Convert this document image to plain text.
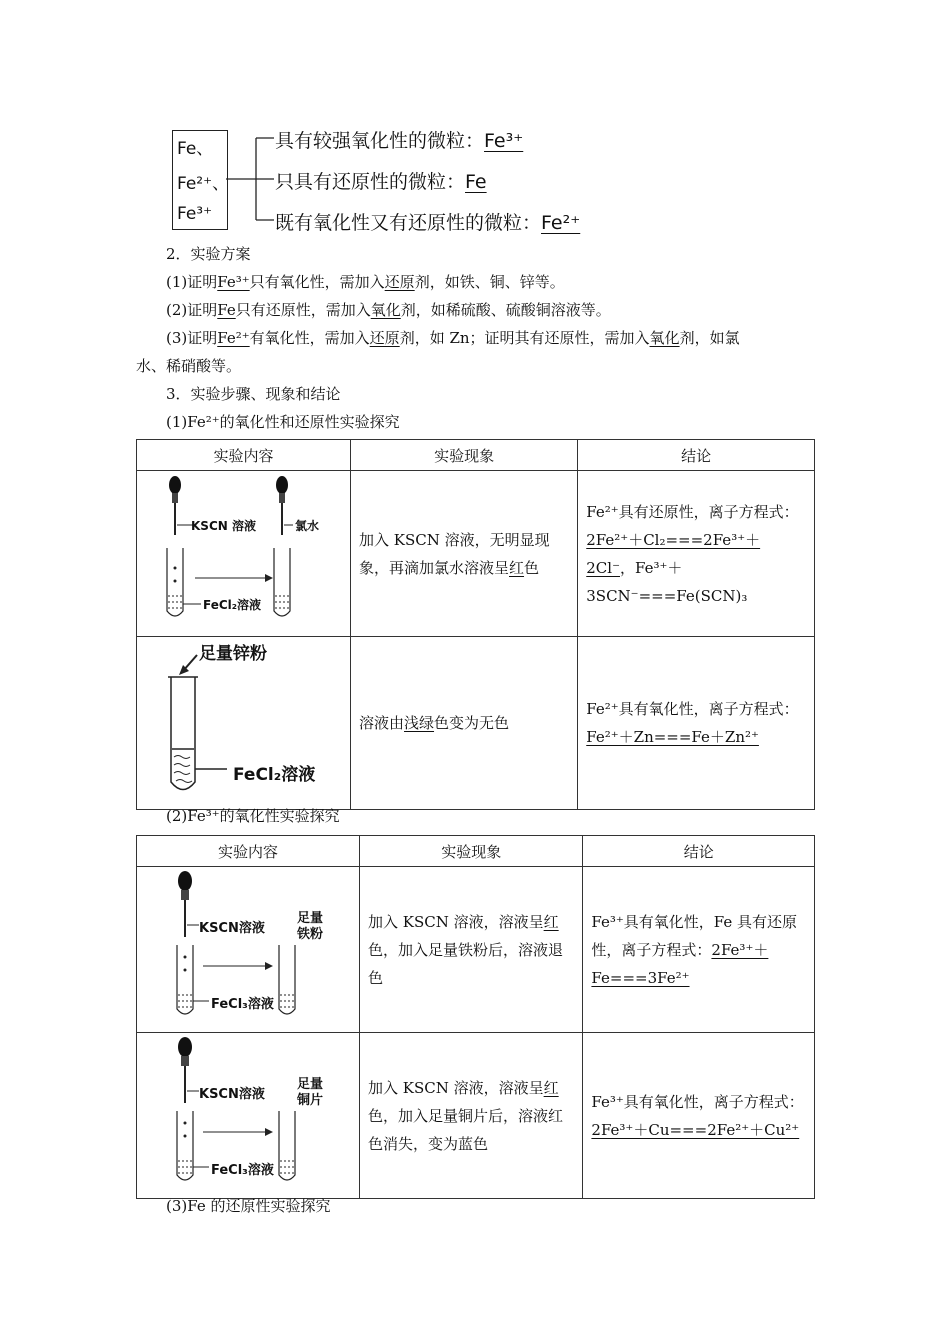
Fe、
Fe²⁺、
Fe³⁺
具有较强氧化性的微粒：Fe³⁺
只具有还原性的微粒：Fe
既有氧化性又有还原性的微粒：Fe²⁺
2．实验方案
(1)证明Fe³⁺只有氧化性，需加入还原剂，如铁、铜、锌等。
(2)证明Fe只有还原性，需加入氧化剂，如稀硫酸、硫酸铜溶液等。
(3)证明Fe²⁺有氧化性，需加入还原剂，如 Zn；证明其有还原性，需加入氧化剂，如氯
水、稀硝酸等。
3．实验步骤、现象和结论
(1)Fe²⁺的氧化性和还原性实验探究
实验内容	实验现象	结论

KSCN 溶液 氯水
FeCl₂溶液	加入 KSCN 溶液，无明显现象，再滴加氯水溶液呈红色	Fe²⁺具有还原性，离子方程式：2Fe²⁺＋Cl₂===2Fe³⁺＋2Cl⁻，Fe³⁺＋3SCN⁻===Fe(SCN)₃

足量锌粉
FeCl₂溶液	溶液由浅绿色变为无色	Fe²⁺具有氧化性，离子方程式：Fe²⁺＋Zn===Fe＋Zn²⁺
(2)Fe³⁺的氧化性实验探究
实验内容	实验现象	结论

KSCN溶液
足量
铁粉
FeCl₃溶液	加入 KSCN 溶液，溶液呈红色，加入足量铁粉后，溶液退色	Fe³⁺具有氧化性，Fe 具有还原性，离子方程式：2Fe³⁺＋Fe===3Fe²⁺

KSCN溶液
足量
铜片
FeCl₃溶液	加入 KSCN 溶液，溶液呈红色，加入足量铜片后，溶液红色消失，变为蓝色	Fe³⁺具有氧化性，离子方程式：2Fe³⁺＋Cu===2Fe²⁺＋Cu²⁺
(3)Fe 的还原性实验探究
